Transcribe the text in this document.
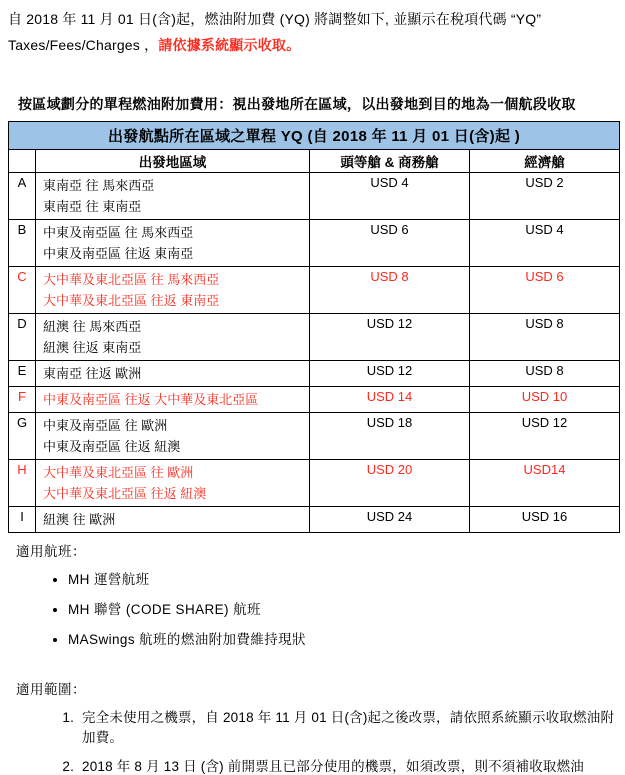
自 2018 年 11 月 01 日(含)起，燃油附加費 (YQ) 將調整如下, 並顯示在稅項代碼 “YQ” Taxes/Fees/Charges ，請依據系統顯示收取。

按區域劃分的單程燃油附加費用：視出發地所在區域，以出發地到目的地為一個航段收取
出發航點所在區域之單程 YQ (自 2018 年 11 月 01 日(含)起 )			
	出發地區域	頭等艙 & 商務艙	經濟艙
A	東南亞 往 馬來西亞
東南亞 往 東南亞	USD 4	USD 2
B	中東及南亞區 往 馬來西亞
中東及南亞區 往返 東南亞	USD 6	USD 4
C	大中華及東北亞區 往 馬來西亞
大中華及東北亞區 往返 東南亞	USD 8	USD 6
D	紐澳 往 馬來西亞
紐澳 往返 東南亞	USD 12	USD 8
E	東南亞 往返 歐洲	USD 12	USD 8
F	中東及南亞區 往返 大中華及東北亞區	USD 14	USD 10
G	中東及南亞區 往 歐洲
中東及南亞區 往返 紐澳	USD 18	USD 12
H	大中華及東北亞區 往 歐洲
大中華及東北亞區 往返 紐澳	USD 20	USD14
I	紐澳 往 歐洲	USD 24	USD 16
適用航班：
• MH 運營航班
• MH 聯營 (CODE SHARE) 航班
• MASwings 航班的燃油附加費維持現狀
適用範圍：
1. 完全未使用之機票，自 2018 年 11 月 01 日(含)起之後改票，請依照系統顯示收取燃油附加費。
2. 2018 年 8 月 13 日 (含) 前開票且已部分使用的機票，如須改票，則不須補收取燃油
